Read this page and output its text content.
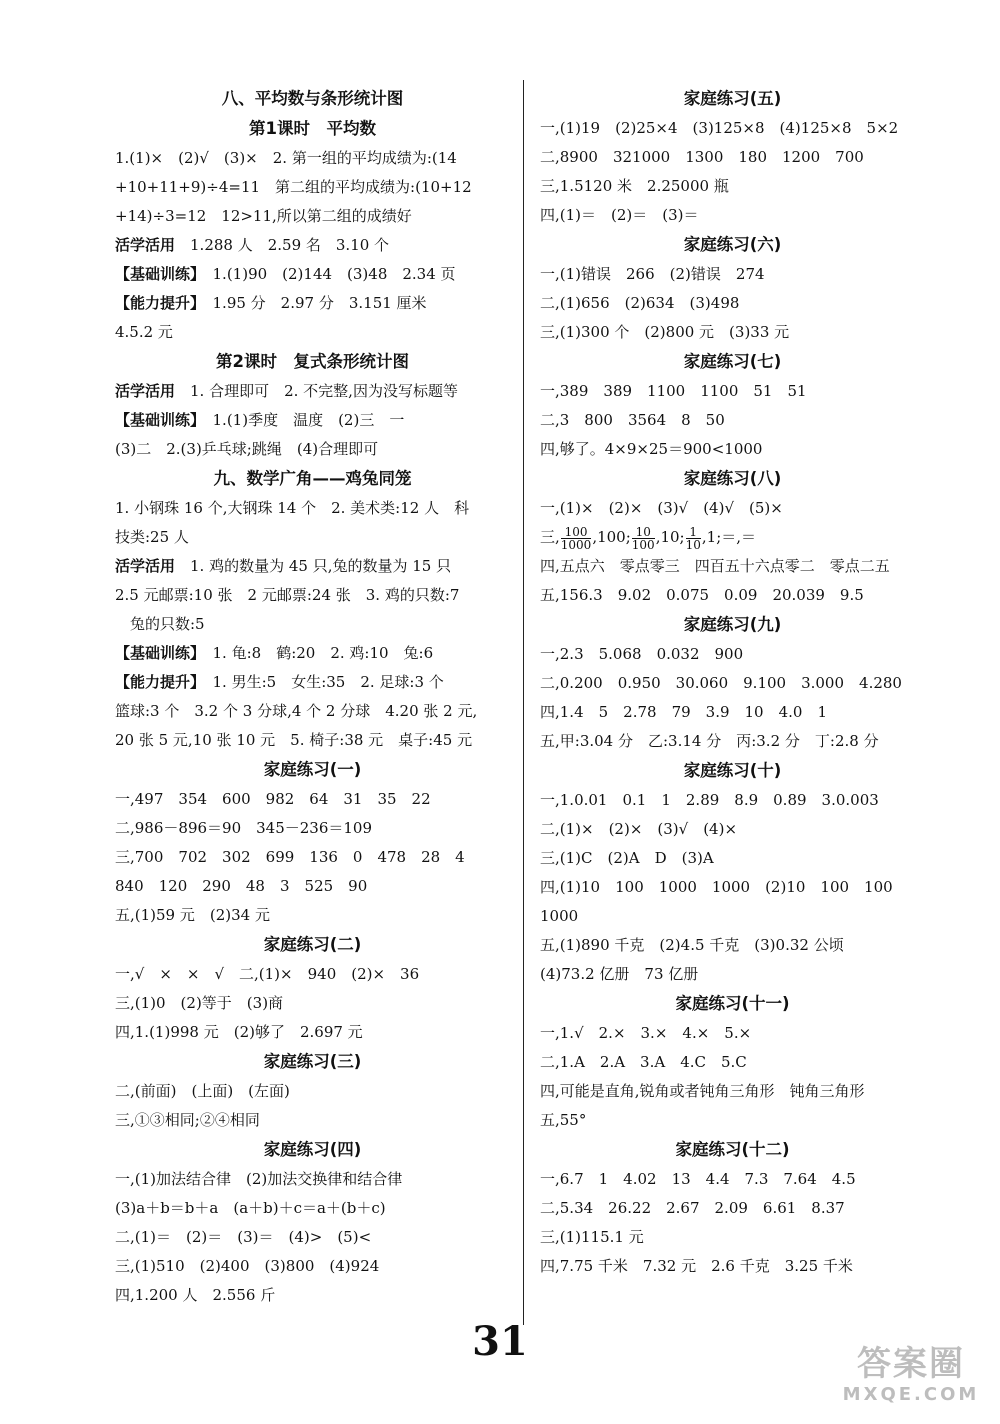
八、平均数与条形统计图
第1课时　平均数
1.(1)×　(2)√　(3)×　2. 第一组的平均成绩为:(14
+10+11+9)÷4=11　第二组的平均成绩为:(10+12
+14)÷3=12　12>11,所以第二组的成绩好
活学活用　1.288 人　2.59 名　3.10 个
【基础训练】　1.(1)90　(2)144　(3)48　2.34 页
【能力提升】　1.95 分　2.97 分　3.151 厘米
4.5.2 元
第2课时　复式条形统计图
活学活用　1. 合理即可　2. 不完整,因为没写标题等
【基础训练】　1.(1)季度　温度　(2)三　一
(3)二　2.(3)乒乓球;跳绳　(4)合理即可
九、数学广角——鸡兔同笼
1. 小钢珠 16 个,大钢珠 14 个　2. 美术类:12 人　科
技类:25 人
活学活用　1. 鸡的数量为 45 只,兔的数量为 15 只
2.5 元邮票:10 张　2 元邮票:24 张　3. 鸡的只数:7
　兔的只数:5
【基础训练】　1. 龟:8　鹤:20　2. 鸡:10　兔:6
【能力提升】　1. 男生:5　女生:35　2. 足球:3 个
篮球:3 个　3.2 个 3 分球,4 个 2 分球　4.20 张 2 元,
20 张 5 元,10 张 10 元　5. 椅子:38 元　桌子:45 元
家庭练习(一)
一,497　354　600　982　64　31　35　22
二,986－896＝90　345－236＝109
三,700　702　302　699　136　0　478　28　4
840　120　290　48　3　525　90
五,(1)59 元　(2)34 元
家庭练习(二)
一,√　×　×　√　二,(1)×　940　(2)×　36
三,(1)0　(2)等于　(3)商
四,1.(1)998 元　(2)够了　2.697 元
家庭练习(三)
二,(前面)　(上面)　(左面)
三,①③相同;②④相同
家庭练习(四)
一,(1)加法结合律　(2)加法交换律和结合律
(3)a＋b＝b＋a　(a＋b)＋c＝a＋(b＋c)
二,(1)＝　(2)＝　(3)＝　(4)>　(5)<
三,(1)510　(2)400　(3)800　(4)924
四,1.200 人　2.556 斤
家庭练习(五)
一,(1)19　(2)25×4　(3)125×8　(4)125×8　5×2
二,8900　321000　1300　180　1200　700
三,1.5120 米　2.25000 瓶
四,(1)＝　(2)＝　(3)＝
家庭练习(六)
一,(1)错误　266　(2)错误　274
二,(1)656　(2)634　(3)498
三,(1)300 个　(2)800 元　(3)33 元
家庭练习(七)
一,389　389　1100　1100　51　51
二,3　800　3564　8　50
四,够了。4×9×25＝900<1000
家庭练习(八)
一,(1)×　(2)×　(3)√　(4)√　(5)×
三, $\frac{100}{1000} ,100$; $\frac{10}{100} ,10$; $\frac{1}{10}$ ,1;＝,＝
四,五点六　零点零三　四百五十六点零二　零点二五
五,156.3　9.02　0.075　0.09　20.039　9.5
家庭练习(九)
一,2.3　5.068　0.032　900
二,0.200　0.950　30.060　9.100　3.000　4.280
四,1.4　5　2.78　79　3.9　10　4.0　1
五,甲:3.04 分　乙:3.14 分　丙:3.2 分　丁:2.8 分
家庭练习(十)
一,1.0.01　0.1　1　2.89　8.9　0.89　3.0.003
二,(1)×　(2)×　(3)√　(4)×
三,(1)C　(2)A　D　(3)A
四,(1)10　100　1000　1000　(2)10　100　100
1000
五,(1)890 千克　(2)4.5 千克　(3)0.32 公顷
(4)73.2 亿册　73 亿册
家庭练习(十一)
一,1.√　2.×　3.×　4.×　5.×
二,1.A　2.A　3.A　4.C　5.C
四,可能是直角,锐角或者钝角三角形　钝角三角形
五,55°
家庭练习(十二)
一,6.7　1　4.02　13　4.4　7.3　7.64　4.5
二,5.34　26.22　2.67　2.09　6.61　8.37
三,(1)115.1 元
四,7.75 千米　7.32 元　2.6 千克　3.25 千米
31	答案圈
MXQE.COM
